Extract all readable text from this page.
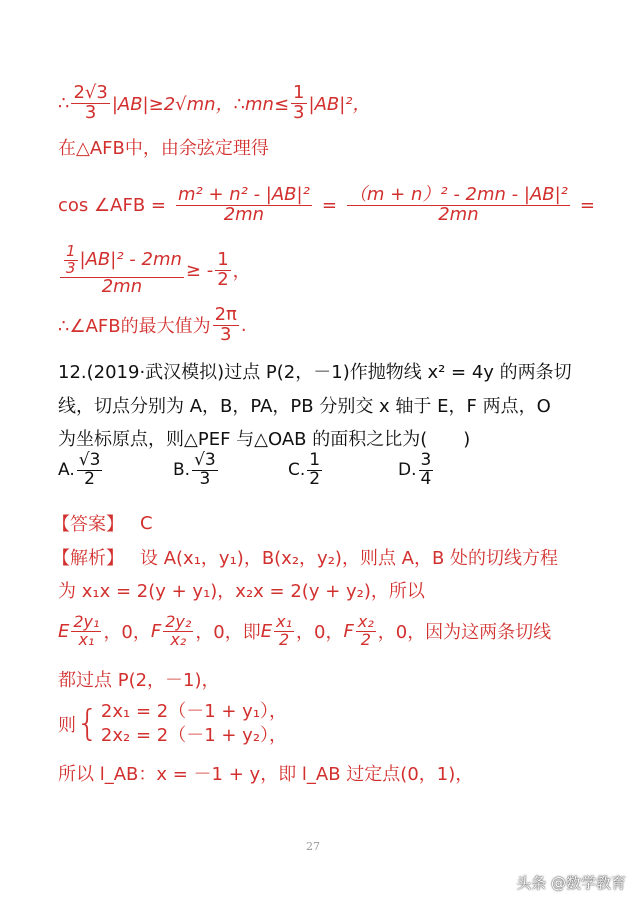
∴
2√3
3 |AB|≥2√mn，∴mn≤ $\frac{1}{3} |AB|^2$，
在△AFB中，由余弦定理得
cos ∠AFB =
m² + n² - |AB|²
2mn	=
（m + n）² - 2mn - |AB|²
2mn	=
1
3 |AB|² - 2mn
2mn ≥ -
1
2 ，
∴∠AFB的最大值为
2π
3 .
12.(2019·武汉模拟)过点 P(2，－1)作抛物线 x² = 4y 的两条切
线，切点分别为 A，B，PA，PB 分别交 x 轴于 E，F 两点，O
为坐标原点，则△PEF 与△OAB 的面积之比为(　　)
A.
√3
2	B.
√3
3	C.
1
2	D.
3
4
【答案】 C
【解析】 设 A(x₁，y₁)，B(x₂，y₂)，则点 A，B 处的切线方程
为 x₁x = 2(y + y₁)，x₂x = 2(y + y₂)，所以
E 2y₁
x₁ ，0 ， F 2y₂
x₂ ，0 ，即 E x₁
2 ，0 ， F x₂
2 ，0 ，因为这两条切线
都过点 P(2，－1)，
则 { 2x₁ = 2（－1 + y₁），
2x₂ = 2（－1 + y₂），
所以 l_AB：x = －1 + y，即 l_AB 过定点(0，1)，
27
头条 @数学教育
